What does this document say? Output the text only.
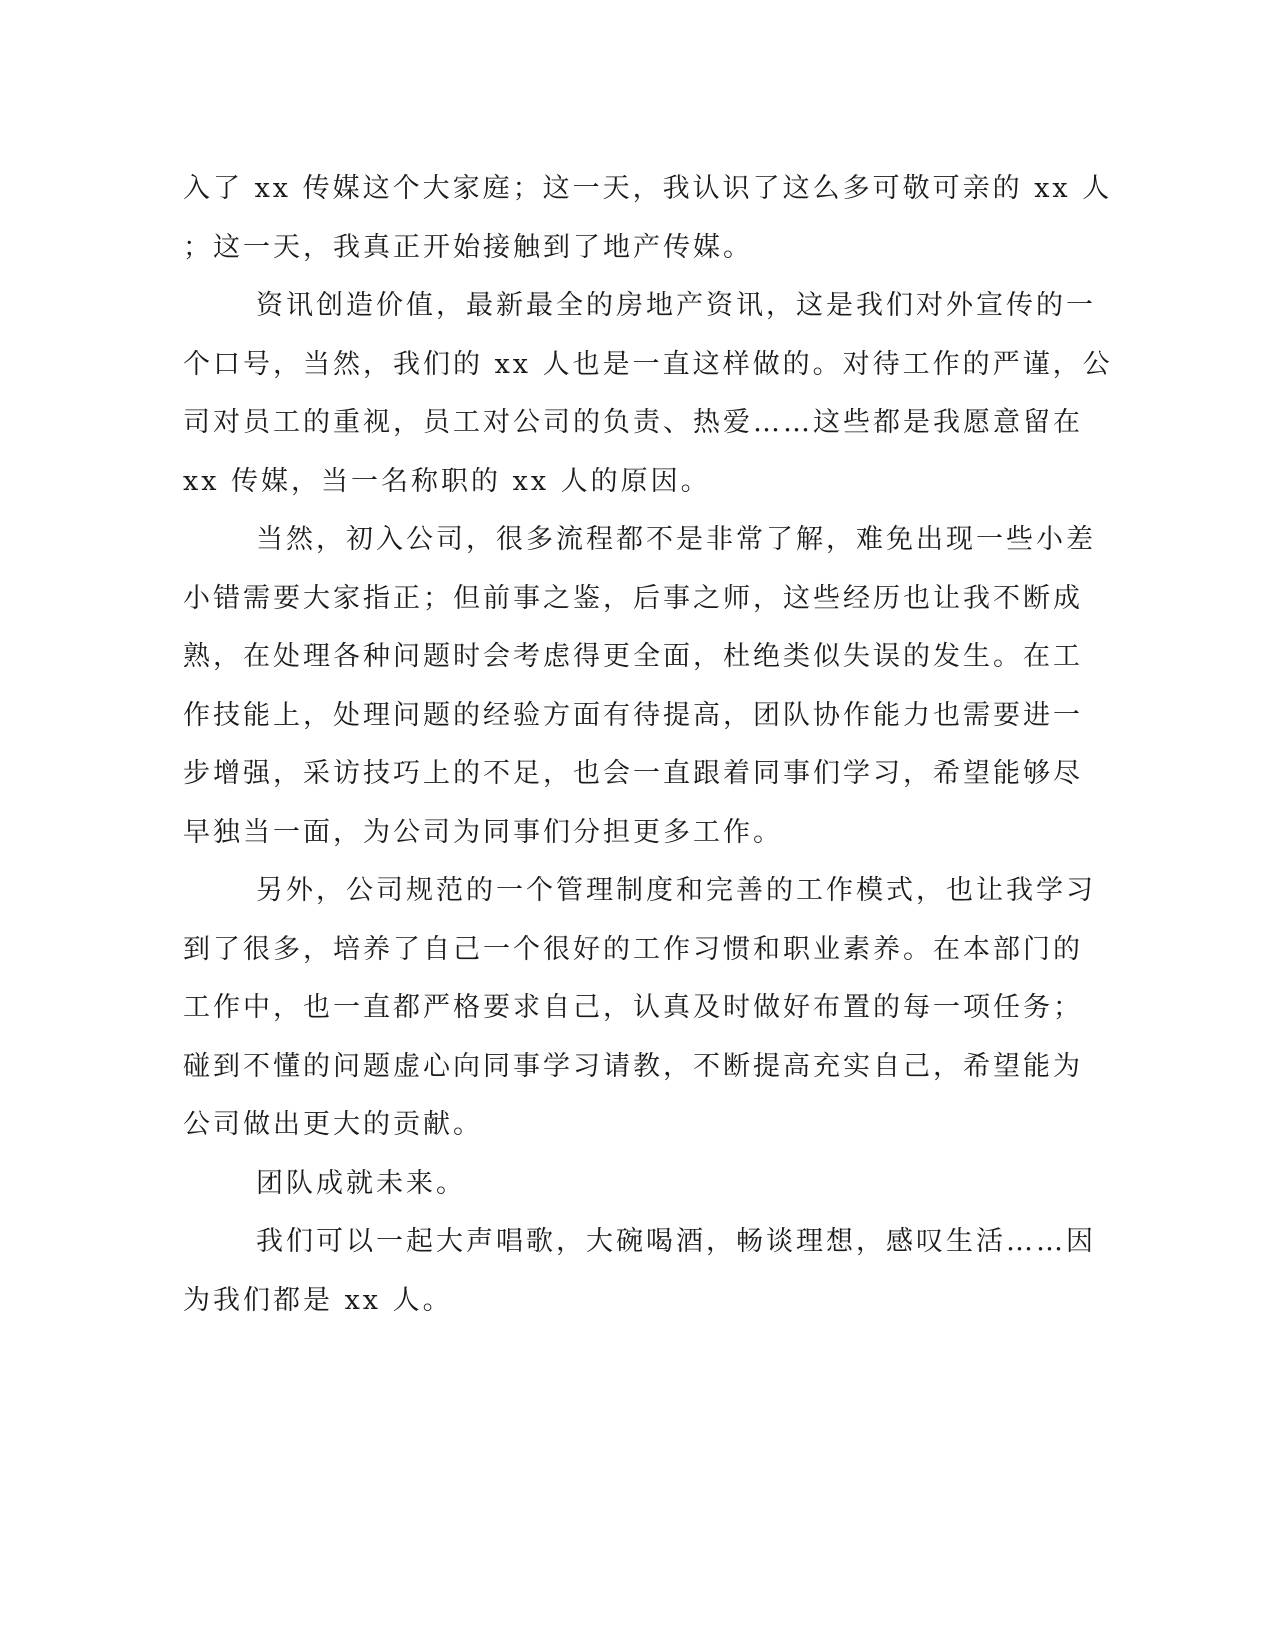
入了 xx 传媒这个大家庭；这一天，我认识了这么多可敬可亲的 xx 人
；这一天，我真正开始接触到了地产传媒。
资讯创造价值，最新最全的房地产资讯，这是我们对外宣传的一
个口号，当然，我们的 xx 人也是一直这样做的。对待工作的严谨，公
司对员工的重视，员工对公司的负责、热爱……这些都是我愿意留在
xx 传媒，当一名称职的 xx 人的原因。
当然，初入公司，很多流程都不是非常了解，难免出现一些小差
小错需要大家指正；但前事之鉴，后事之师，这些经历也让我不断成
熟，在处理各种问题时会考虑得更全面，杜绝类似失误的发生。在工
作技能上，处理问题的经验方面有待提高，团队协作能力也需要进一
步增强，采访技巧上的不足，也会一直跟着同事们学习，希望能够尽
早独当一面，为公司为同事们分担更多工作。
另外，公司规范的一个管理制度和完善的工作模式，也让我学习
到了很多，培养了自己一个很好的工作习惯和职业素养。在本部门的
工作中，也一直都严格要求自己，认真及时做好布置的每一项任务；
碰到不懂的问题虚心向同事学习请教，不断提高充实自己，希望能为
公司做出更大的贡献。
团队成就未来。
我们可以一起大声唱歌，大碗喝酒，畅谈理想，感叹生活……因
为我们都是 xx 人。
